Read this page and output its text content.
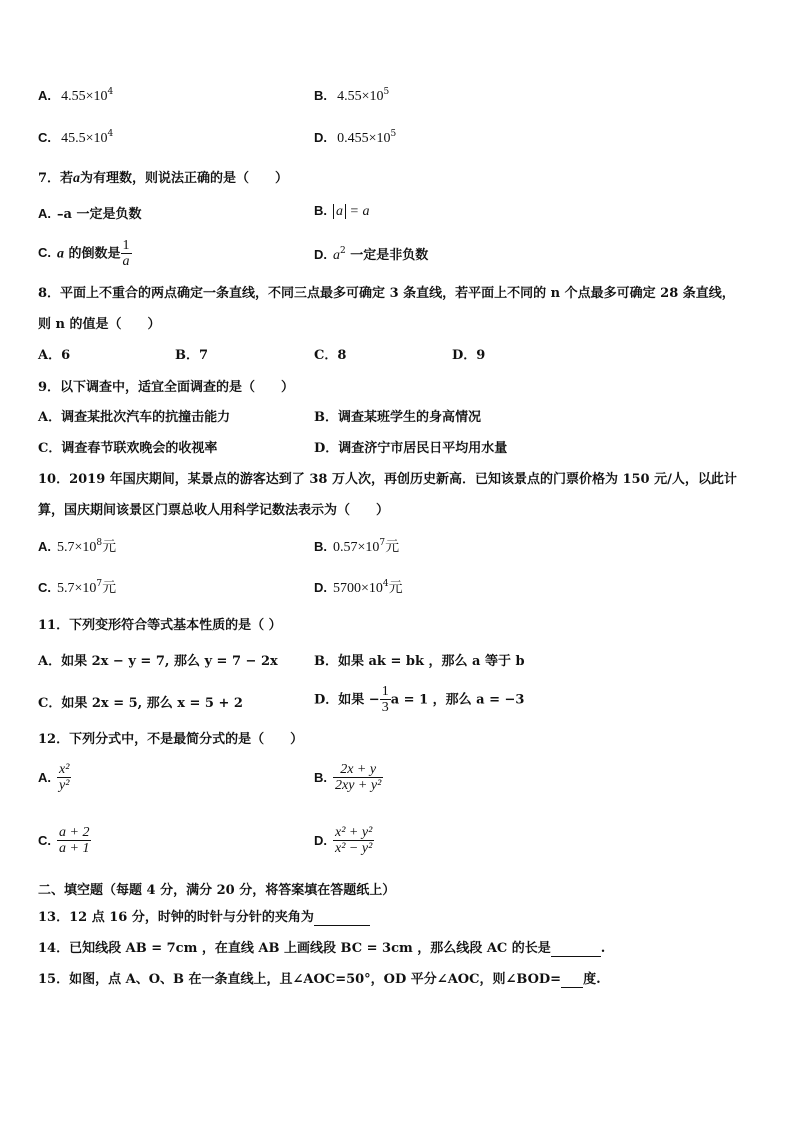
A. $4.55\times 10^4$	B. $4.55\times 10^5$
C. $45.5\times 10^4$	D. $0.455\times 10^5$
7．若a为有理数，则说法正确的是（　　）
A. –a 一定是负数	B. a = a
C. a 的倒数是 $\frac{1}{a}$	D. $a^2$ 一定是非负数
8．平面上不重合的两点确定一条直线，不同三点最多可确定 3 条直线，若平面上不同的 n 个点最多可确定 28 条直线，
则 n 的值是（　　）
A．6	B．7	C．8	D．9
9．以下调查中，适宜全面调查的是（　　）
A．调查某批次汽车的抗撞击能力	B．调查某班学生的身高情况
C．调查春节联欢晚会的收视率	D．调查济宁市居民日平均用水量
10．2019 年国庆期间，某景点的游客达到了 38 万人次，再创历史新高．已知该景点的门票价格为 150 元/人，以此计
算，国庆期间该景区门票总收人用科学记数法表示为（　　）
A. $5.7\times 10^8$元	B. $0.57\times 10^7$元
C. $5.7\times 10^7$元	D. $5700\times 10^4$元
11．下列变形符合等式基本性质的是（ ）
A．如果 2x − y = 7, 那么 y = 7 − 2x	B．如果 ak = bk ，那么 a 等于 b
C．如果 2x = 5, 那么 x = 5 + 2	D．如果 − $\frac{1}{3}$ a = 1 ，那么 a = −3
12．下列分式中，不是最简分式的是（　　）
A. $\frac{\text{x²}}{\text{y²}}$	B. $\frac{2x + y}{\text{2xy + y²}}$
C. $\frac{a + 2}{a + 1}$	D. $\frac{\text{x² + y²}}{\text{x² − y²}}$
二、填空题（每题 4 分，满分 20 分，将答案填在答题纸上）
13．12 点 16 分，时钟的时针与分针的夹角为
14．已知线段 AB = 7cm ，在直线 AB 上画线段 BC = 3cm ，那么线段 AC 的长是	.
15．如图，点 A、O、B 在一条直线上，且∠AOC=50°，OD 平分∠AOC，则∠BOD= 度.
